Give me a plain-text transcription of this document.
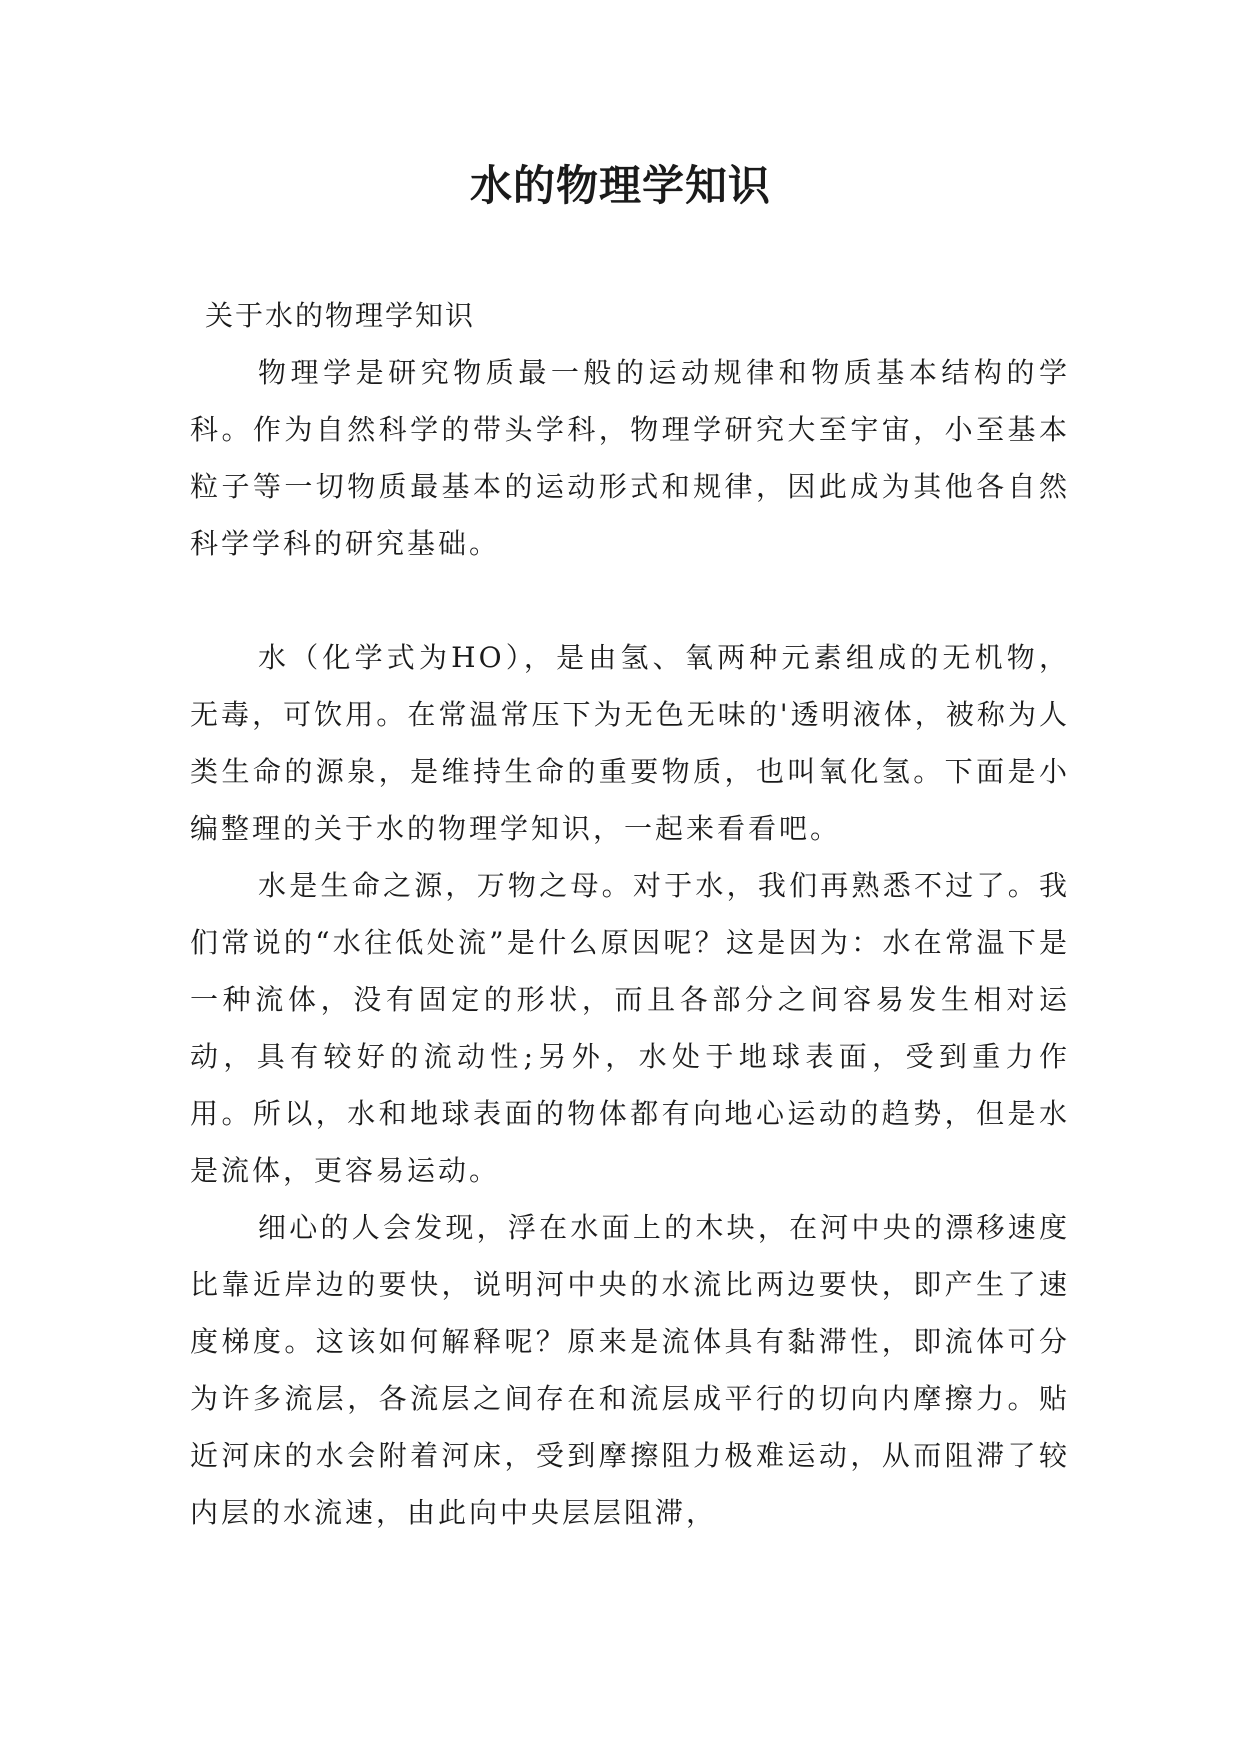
水的物理学知识

关于水的物理学知识

物理学是研究物质最一般的运动规律和物质基本结构的学科。作为自然科学的带头学科，物理学研究大至宇宙，小至基本粒子等一切物质最基本的运动形式和规律，因此成为其他各自然科学学科的研究基础。

水（化学式为HO），是由氢、氧两种元素组成的无机物，无毒，可饮用。在常温常压下为无色无味的'透明液体，被称为人类生命的源泉，是维持生命的重要物质，也叫氧化氢。下面是小编整理的关于水的物理学知识，一起来看看吧。

水是生命之源，万物之母。对于水，我们再熟悉不过了。我们常说的“水往低处流”是什么原因呢？这是因为：水在常温下是一种流体，没有固定的形状，而且各部分之间容易发生相对运动，具有较好的流动性;另外，水处于地球表面，受到重力作用。所以，水和地球表面的物体都有向地心运动的趋势，但是水是流体，更容易运动。

细心的人会发现，浮在水面上的木块，在河中央的漂移速度比靠近岸边的要快，说明河中央的水流比两边要快，即产生了速度梯度。这该如何解释呢？原来是流体具有黏滞性，即流体可分为许多流层，各流层之间存在和流层成平行的切向内摩擦力。贴近河床的水会附着河床，受到摩擦阻力极难运动，从而阻滞了较内层的水流速，由此向中央层层阻滞，
